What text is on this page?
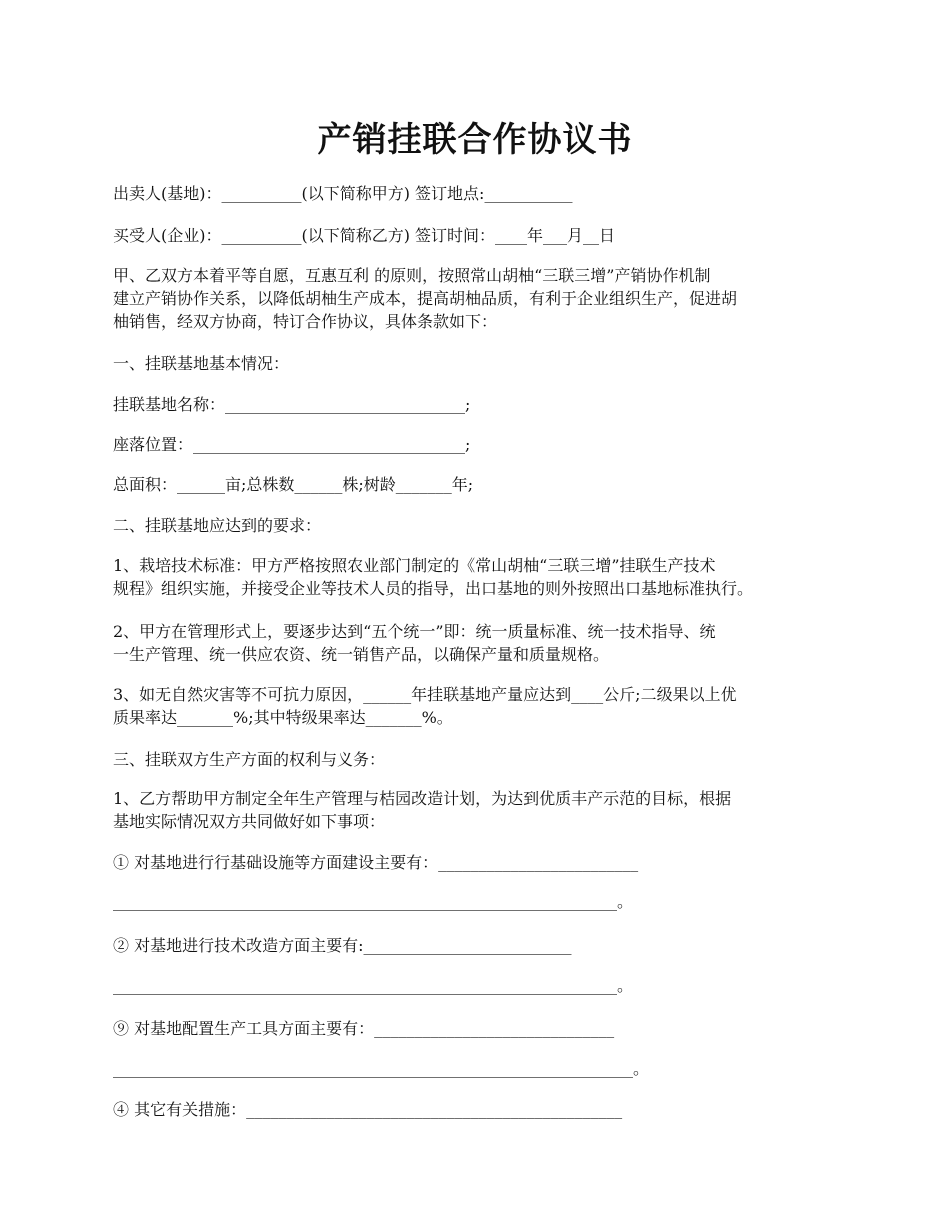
产销挂联合作协议书
出卖人(基地)：__________(以下简称甲方) 签订地点:___________
买受人(企业)：__________(以下简称乙方) 签订时间：____年___月__日
甲、乙双方本着平等自愿，互惠互利 的原则，按照常山胡柚“三联三增”产销协作机制
建立产销协作关系，以降低胡柚生产成本，提高胡柚品质，有利于企业组织生产，促进胡
柚销售，经双方协商，特订合作协议，具体条款如下：
一、挂联基地基本情况：
挂联基地名称：______________________________;
座落位置：__________________________________;
总面积：______亩;总株数______株;树龄_______年;
二、挂联基地应达到的要求：
1、栽培技术标准：甲方严格按照农业部门制定的《常山胡柚“三联三增”挂联生产技术
规程》组织实施，并接受企业等技术人员的指导，出口基地的则外按照出口基地标准执行。
2、甲方在管理形式上，要逐步达到“五个统一”即：统一质量标准、统一技术指导、统
一生产管理、统一供应农资、统一销售产品，以确保产量和质量规格。
3、如无自然灾害等不可抗力原因，______年挂联基地产量应达到____公斤;二级果以上优
质果率达_______%;其中特级果率达_______%。
三、挂联双方生产方面的权利与义务：
1、乙方帮助甲方制定全年生产管理与桔园改造计划，为达到优质丰产示范的目标，根据
基地实际情况双方共同做好如下事项：
① 对基地进行行基础设施等方面建设主要有：_________________________
_______________________________________________________________。
② 对基地进行技术改造方面主要有:__________________________
_______________________________________________________________。
⑨ 对基地配置生产工具方面主要有：______________________________
_________________________________________________________________。
④ 其它有关措施：_______________________________________________
